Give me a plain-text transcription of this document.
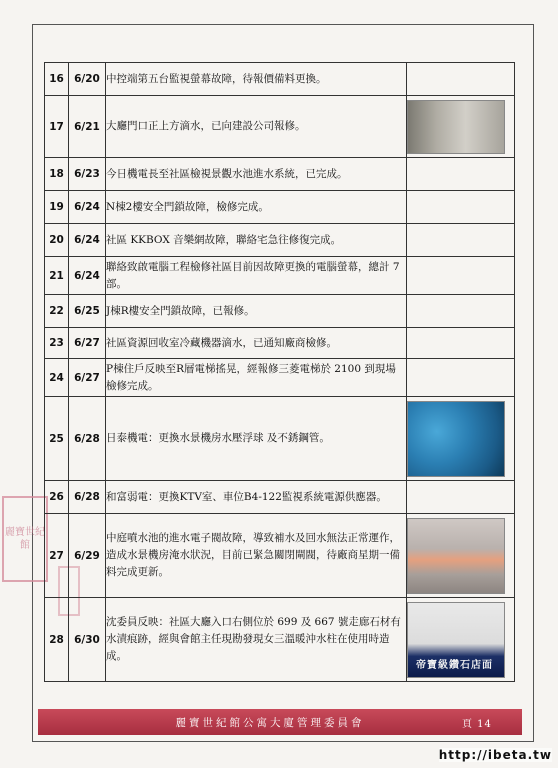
麗寶世紀館
16	6/20	中控端第五台監視螢幕故障，待報價備料更換。	
17	6/21	大廳門口正上方滴水，已向建設公司報修。	

18	6/23	今日機電長至社區檢視景觀水池進水系統，已完成。	
19	6/24	N棟2樓安全門鎖故障，檢修完成。	
20	6/24	社區 KKBOX 音樂網故障，聯絡宅急往修復完成。	
21	6/24	聯絡致啟電腦工程檢修社區目前因故障更換的電腦螢幕，總計 7 部。	
22	6/25	J棟R樓安全門鎖故障，已報修。	
23	6/27	社區資源回收室冷藏機器滴水，已通知廠商檢修。	
24	6/27	P棟住戶反映至R層電梯搖晃，經報修三菱電梯於 2100 到現場檢修完成。	
25	6/28	日泰機電：更換水景機房水壓浮球 及不銹鋼管。	

26	6/28	和富弱電：更換KTV室、車位B4-122監視系統電源供應器。	
27	6/29	中庭噴水池的進水電子閥故障，導致補水及回水無法正常運作，造成水景機房淹水狀況，目前已緊急關閉閘閥，待廠商星期一備料完成更新。	

28	6/30	沈委員反映：社區大廳入口右側位於 699 及 667 號走廊石材有水漬痕跡，經與會館主任現勘發現女三溫暖沖水柱在使用時造成。	帝寶級鑽石店面
麗寶世紀館公寓大廈管理委員會	頁 14
http://ibeta.tw
